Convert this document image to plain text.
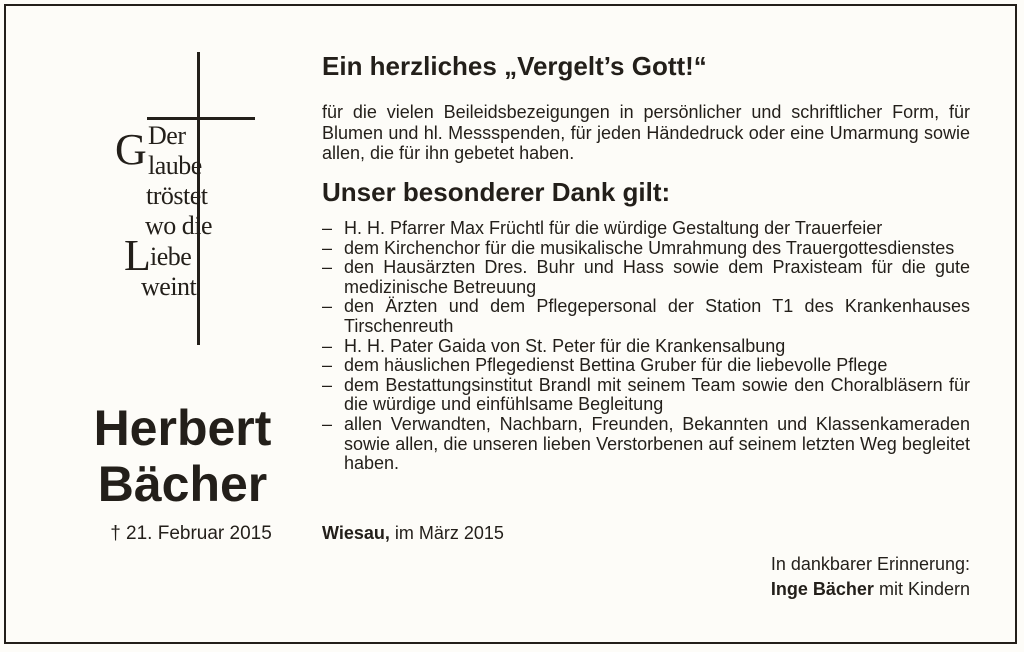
G Der
laube
tröstet
wo die
L iebe
weint
Herbert
Bächer
† 21. Februar 2015
Ein herzliches „Vergelt’s Gott!“
für die vielen Beileidsbezeigungen in persönlicher und schriftlicher Form, für Blumen und hl. Messspenden, für jeden Händedruck oder eine Umarmung sowie allen, die für ihn gebetet haben.
Unser besonderer Dank gilt:
– H. H. Pfarrer Max Früchtl für die würdige Gestaltung der Trauerfeier
– dem Kirchenchor für die musikalische Umrahmung des Trauergottesdienstes
– den Hausärzten Dres. Buhr und Hass sowie dem Praxisteam für die gute medizinische Betreuung
– den Ärzten und dem Pflegepersonal der Station T1 des Krankenhauses Tirschenreuth
– H. H. Pater Gaida von St. Peter für die Krankensalbung
– dem häuslichen Pflegedienst Bettina Gruber für die liebevolle Pflege
– dem Bestattungsinstitut Brandl mit seinem Team sowie den Choralbläsern für die würdige und einfühlsame Begleitung
– allen Verwandten, Nachbarn, Freunden, Bekannten und Klassenkameraden sowie allen, die unseren lieben Verstorbenen auf seinem letzten Weg begleitet haben.
Wiesau, im März 2015
In dankbarer Erinnerung:
Inge Bächer mit Kindern
